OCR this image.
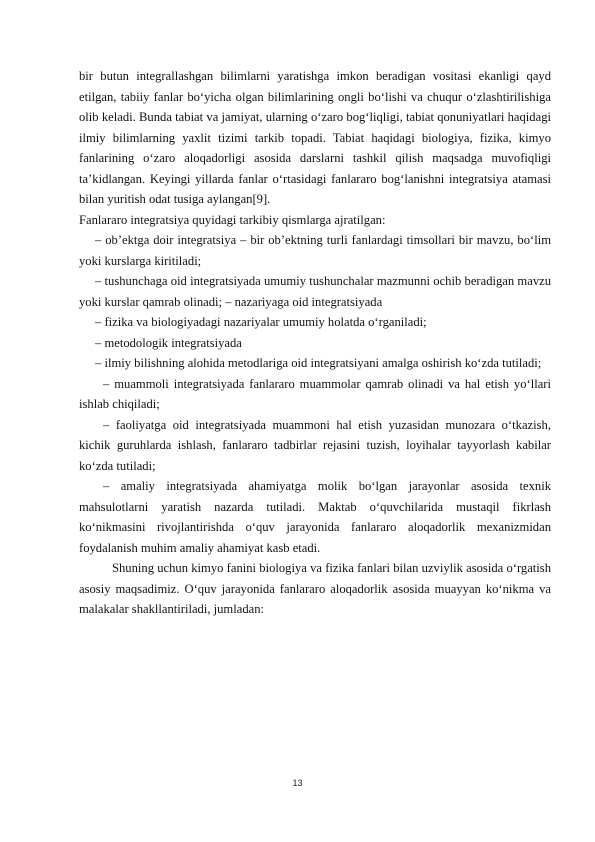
bir butun integrallashgan bilimlarni yaratishga imkon beradigan vositasi ekanligi qayd etilgan, tabiiy fanlar bo‘yicha olgan bilimlarining ongli bo‘lishi va chuqur o‘zlashtirilishiga olib keladi. Bunda tabiat va jamiyat, ularning o‘zaro bog‘liqligi, tabiat qonuniyatlari haqidagi ilmiy bilimlarning yaxlit tizimi tarkib topadi. Tabiat haqidagi biologiya, fizika, kimyo fanlarining o‘zaro aloqadorligi asosida darslarni tashkil qilish maqsadga muvofiqligi ta’kidlangan. Keyingi yillarda fanlar o‘rtasidagi fanlararo bog‘lanishni integratsiya atamasi bilan yuritish odat tusiga aylangan[9].

Fanlararo integratsiya quyidagi tarkibiy qismlarga ajratilgan:

‒ ob’ektga doir integratsiya – bir ob’ektning turli fanlardagi timsollari bir mavzu, bo‘lim yoki kurslarga kiritiladi;

‒ tushunchaga oid integratsiyada umumiy tushunchalar mazmunni ochib beradigan mavzu yoki kurslar qamrab olinadi; ‒ nazariyaga oid integratsiyada

‒ fizika va biologiyadagi nazariyalar umumiy holatda o‘rganiladi;

‒ metodologik integratsiyada

‒ ilmiy bilishning alohida metodlariga oid integratsiyani amalga oshirish ko‘zda tutiladi;

‒ muammoli integratsiyada fanlararo muammolar qamrab olinadi va hal etish yo‘llari ishlab chiqiladi;

‒ faoliyatga oid integratsiyada muammoni hal etish yuzasidan munozara o‘tkazish, kichik guruhlarda ishlash, fanlararo tadbirlar rejasini tuzish, loyihalar tayyorlash kabilar ko‘zda tutiladi;

‒ amaliy integratsiyada ahamiyatga molik bo‘lgan jarayonlar asosida texnik mahsulotlarni yaratish nazarda tutiladi. Maktab o‘quvchilarida mustaqil fikrlash ko‘nikmasini rivojlantirishda o‘quv jarayonida fanlararo aloqadorlik mexanizmidan foydalanish muhim amaliy ahamiyat kasb etadi.

Shuning uchun kimyo fanini biologiya va fizika fanlari bilan uzviylik asosida o‘rgatish asosiy maqsadimiz. O‘quv jarayonida fanlararo aloqadorlik asosida muayyan ko‘nikma va malakalar shakllantiriladi, jumladan:

13
